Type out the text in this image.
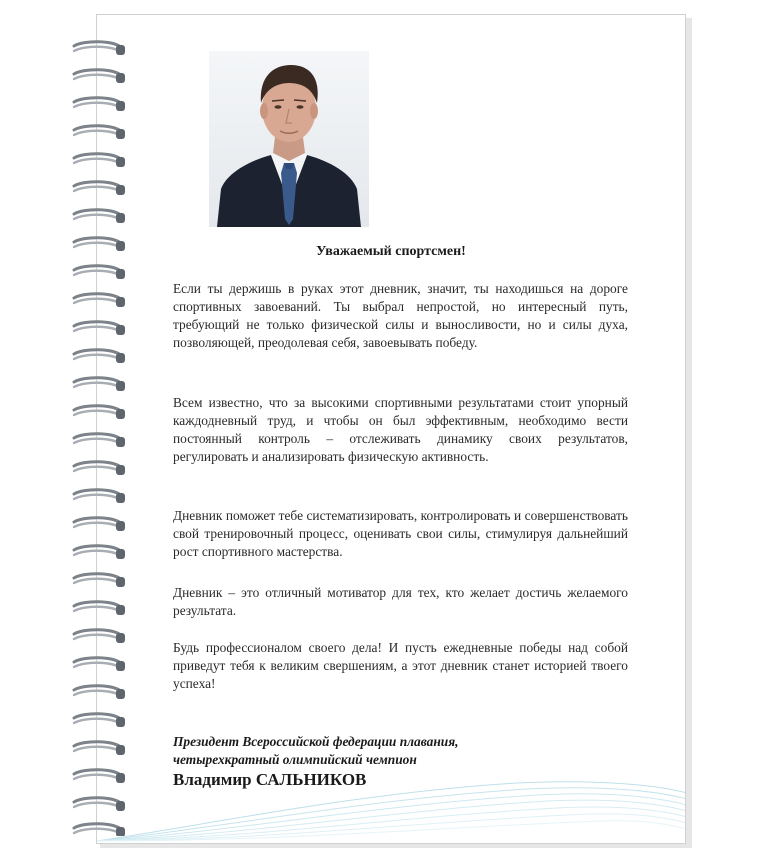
Уважаемый спортсмен!

Если ты держишь в руках этот дневник, значит, ты находишься на дороге спортивных завоеваний. Ты выбрал непростой, но интересный путь, требующий не только физической силы и выносливости, но и силы духа, позволяющей, преодолевая себя, завоевывать победу.

Всем известно, что за высокими спортивными результатами стоит упорный каждодневный труд, и чтобы он был эффективным, необходимо вести постоянный контроль – отслеживать динамику своих результатов, регулировать и анализировать физическую активность.

Дневник поможет тебе систематизировать, контролировать и совершенствовать свой тренировочный процесс, оценивать свои силы, стимулируя дальнейший рост спортивного мастерства.

Дневник – это отличный мотиватор для тех, кто желает достичь желаемого результата.

Будь профессионалом своего дела! И пусть ежедневные победы над собой приведут тебя к великим свершениям, а этот дневник станет историей твоего успеха!

Президент Всероссийской федерации плавания,
четырехкратный олимпийский чемпион
Владимир САЛЬНИКОВ
